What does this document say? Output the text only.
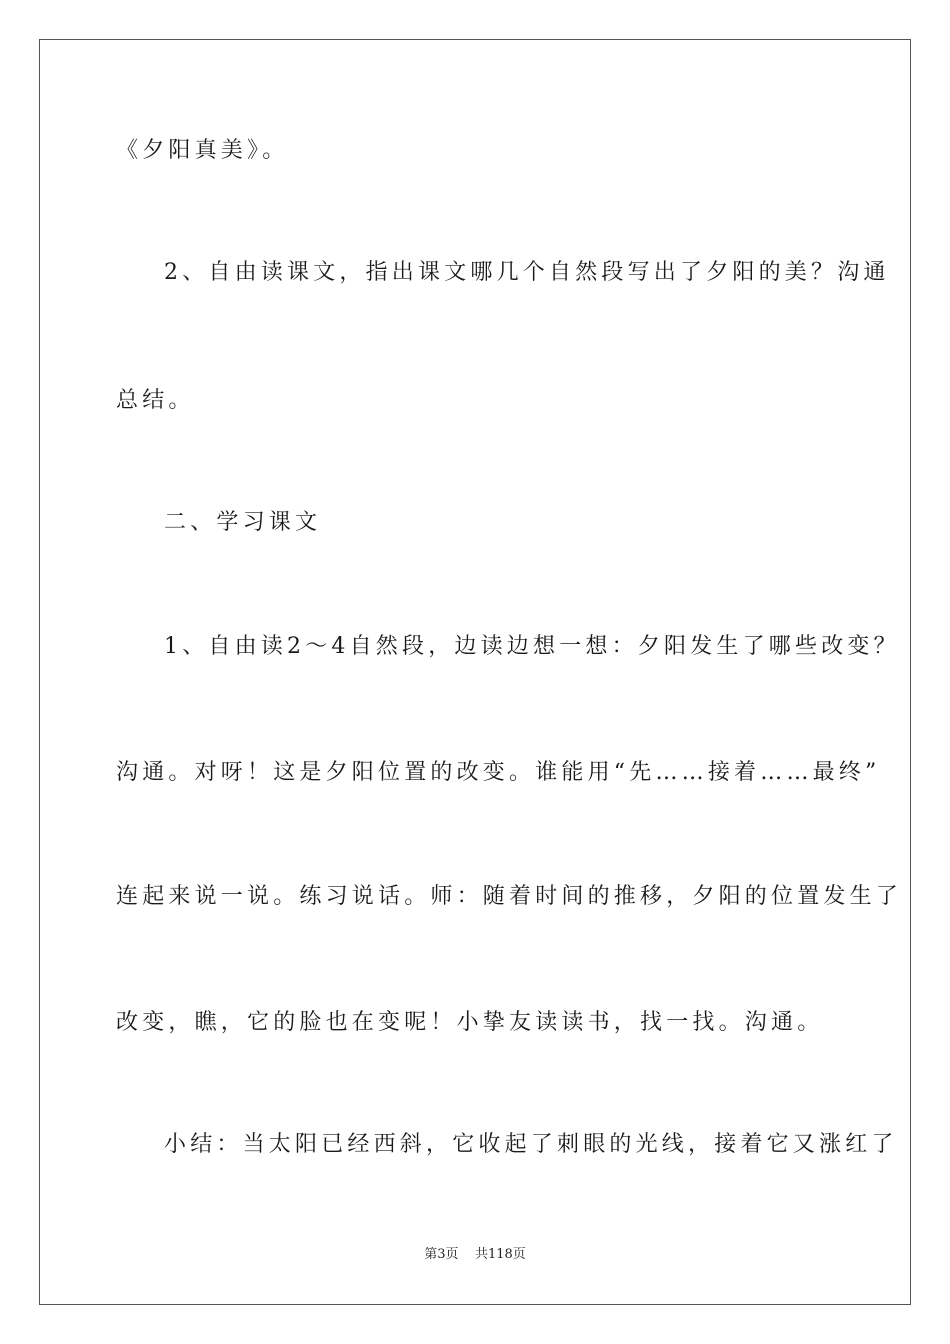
《夕阳真美》。
2、自由读课文，指出课文哪几个自然段写出了夕阳的美？沟通
总结。
二、学习课文
1、自由读2～4自然段，边读边想一想：夕阳发生了哪些改变？
沟通。对呀！这是夕阳位置的改变。谁能用“先……接着……最终”
连起来说一说。练习说话。师：随着时间的推移，夕阳的位置发生了
改变，瞧，它的脸也在变呢！小挚友读读书，找一找。沟通。
小结：当太阳已经西斜，它收起了刺眼的光线，接着它又涨红了
第3页    共118页
